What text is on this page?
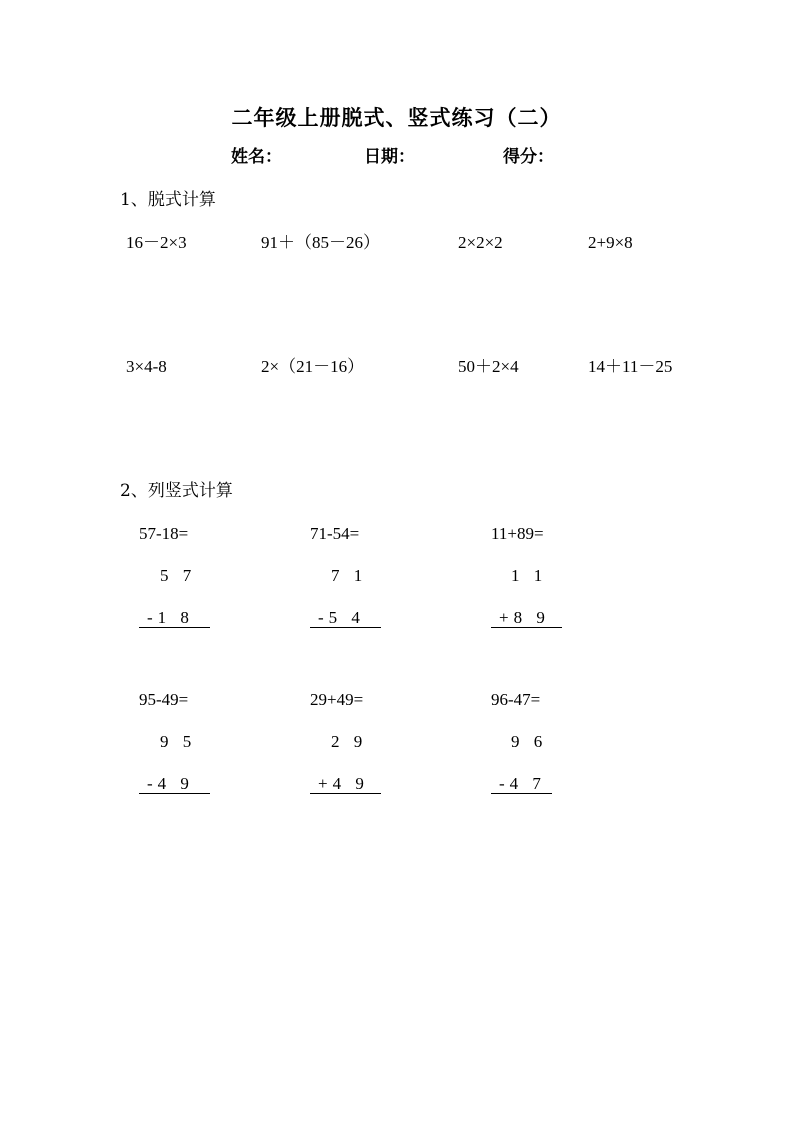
二年级上册脱式、竖式练习（二）
姓名：	日期：	得分：
1、脱式计算
16－2×3	91＋（85－26）	2×2×2	2+9×8
3×4-8	2×（21－16）	50＋2×4	14＋11－25
2、列竖式计算
57-18=
5 7
-1 8
71-54=
7 1
-5 4
11+89=
1 1
+8 9
95-49=
9 5
-4 9
29+49=
2 9
+4 9
96-47=
9 6
-4 7
